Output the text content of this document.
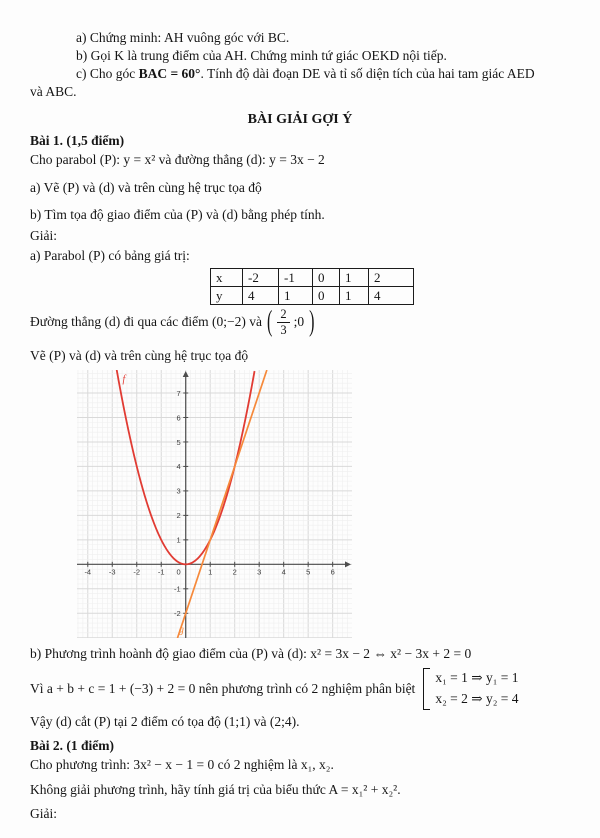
a) Chứng minh: AH vuông góc với BC.
b) Gọi K là trung điểm của AH. Chứng minh tứ giác OEKD nội tiếp.
c) Cho góc BAC = 60°. Tính độ dài đoạn DE và tỉ số diện tích của hai tam giác AED
và ABC.
BÀI GIẢI GỢI Ý
Bài 1. (1,5 điểm)
Cho parabol (P): y = x² và đường thẳng (d): y = 3x − 2
a) Vẽ (P) và (d) và trên cùng hệ trục tọa độ
b) Tìm tọa độ giao điểm của (P) và (d) bằng phép tính.
Giải:
a) Parabol (P) có bảng giá trị:
x	-2	-1	0	1	2
y	4	1	0	1	4
Đường thẳng (d) đi qua các điểm (0;−2) và ( $\frac{2}{3}$ ;0 )
Vẽ (P) và (d) và trên cùng hệ trục tọa độ
-4 -3 -2 -1 0	1	2	3	4	5	6
-2
-1
1
2
3
4
5
6
7
f
g
b) Phương trình hoành độ giao điểm của (P) và (d): x² = 3x − 2 ⇔ x² − 3x + 2 = 0
Vì a + b + c = 1 + (−3) + 2 = 0 nên phương trình có 2 nghiệm phân biệt
x₁ = 1 ⇒ y₁ = 1
x₂ = 2 ⇒ y₂ = 4
Vậy (d) cắt (P) tại 2 điểm có tọa độ (1;1) và (2;4).
Bài 2. (1 điểm)
Cho phương trình: 3x² − x − 1 = 0 có 2 nghiệm là x₁, x₂.
Không giải phương trình, hãy tính giá trị của biểu thức A = x₁² + x₂².
Giải:
